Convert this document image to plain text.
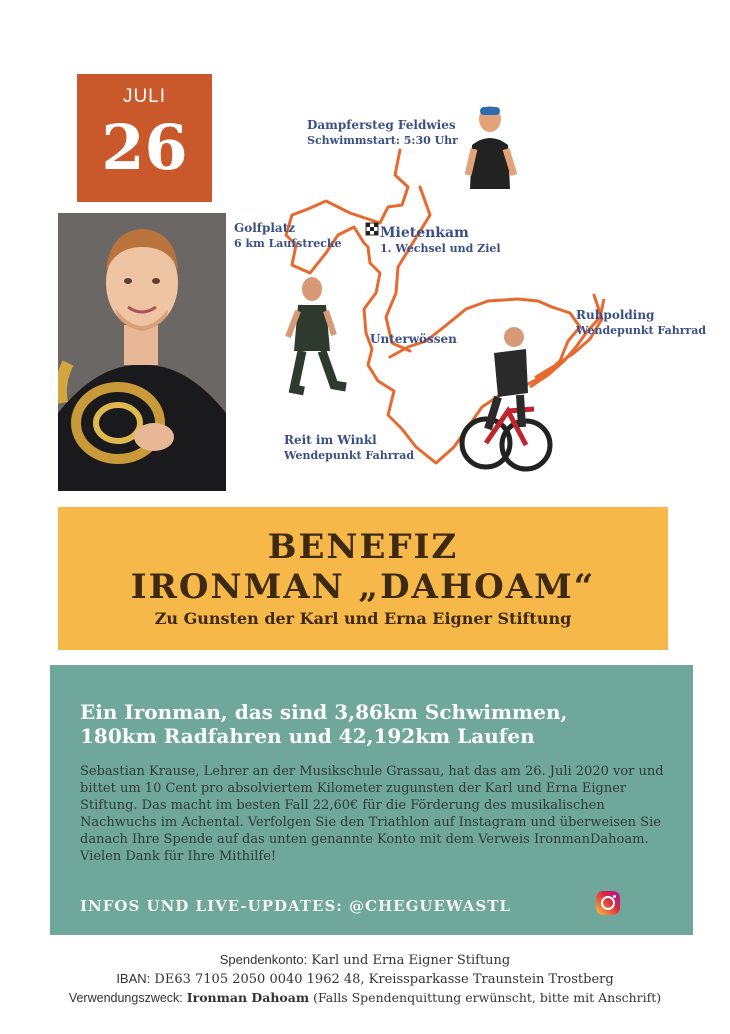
JULI
26	Dampfersteg Feldwies
Schwimmstart: 5:30 Uhr
Golfplatz
6 km Laufstrecke
Mietenkam
1. Wechsel und Ziel
Unterwössen
Ruhpolding
Wendepunkt Fahrrad
Reit im Winkl
Wendepunkt Fahrrad
BENEFIZ
IRONMAN „DAHOAM“
Zu Gunsten der Karl und Erna Eigner Stiftung
Ein Ironman, das sind 3,86km Schwimmen,
180km Radfahren und 42,192km Laufen
Sebastian Krause, Lehrer an der Musikschule Grassau, hat das am 26. Juli 2020 vor und bittet um 10 Cent pro absolviertem Kilometer zugunsten der Karl und Erna Eigner Stiftung. Das macht im besten Fall 22,60€ für die Förderung des musikalischen Nachwuchs im Achental. Verfolgen Sie den Triathlon auf Instagram und überweisen Sie danach Ihre Spende auf das unten genannte Konto mit dem Verweis IronmanDahoam. Vielen Dank für Ihre Mithilfe!
INFOS UND LIVE-UPDATES: @CHEGUEWASTL
Spendenkonto: Karl und Erna Eigner Stiftung
IBAN: DE63 7105 2050 0040 1962 48, Kreissparkasse Traunstein Trostberg
Verwendungszweck: Ironman Dahoam (Falls Spendenquittung erwünscht, bitte mit Anschrift)
